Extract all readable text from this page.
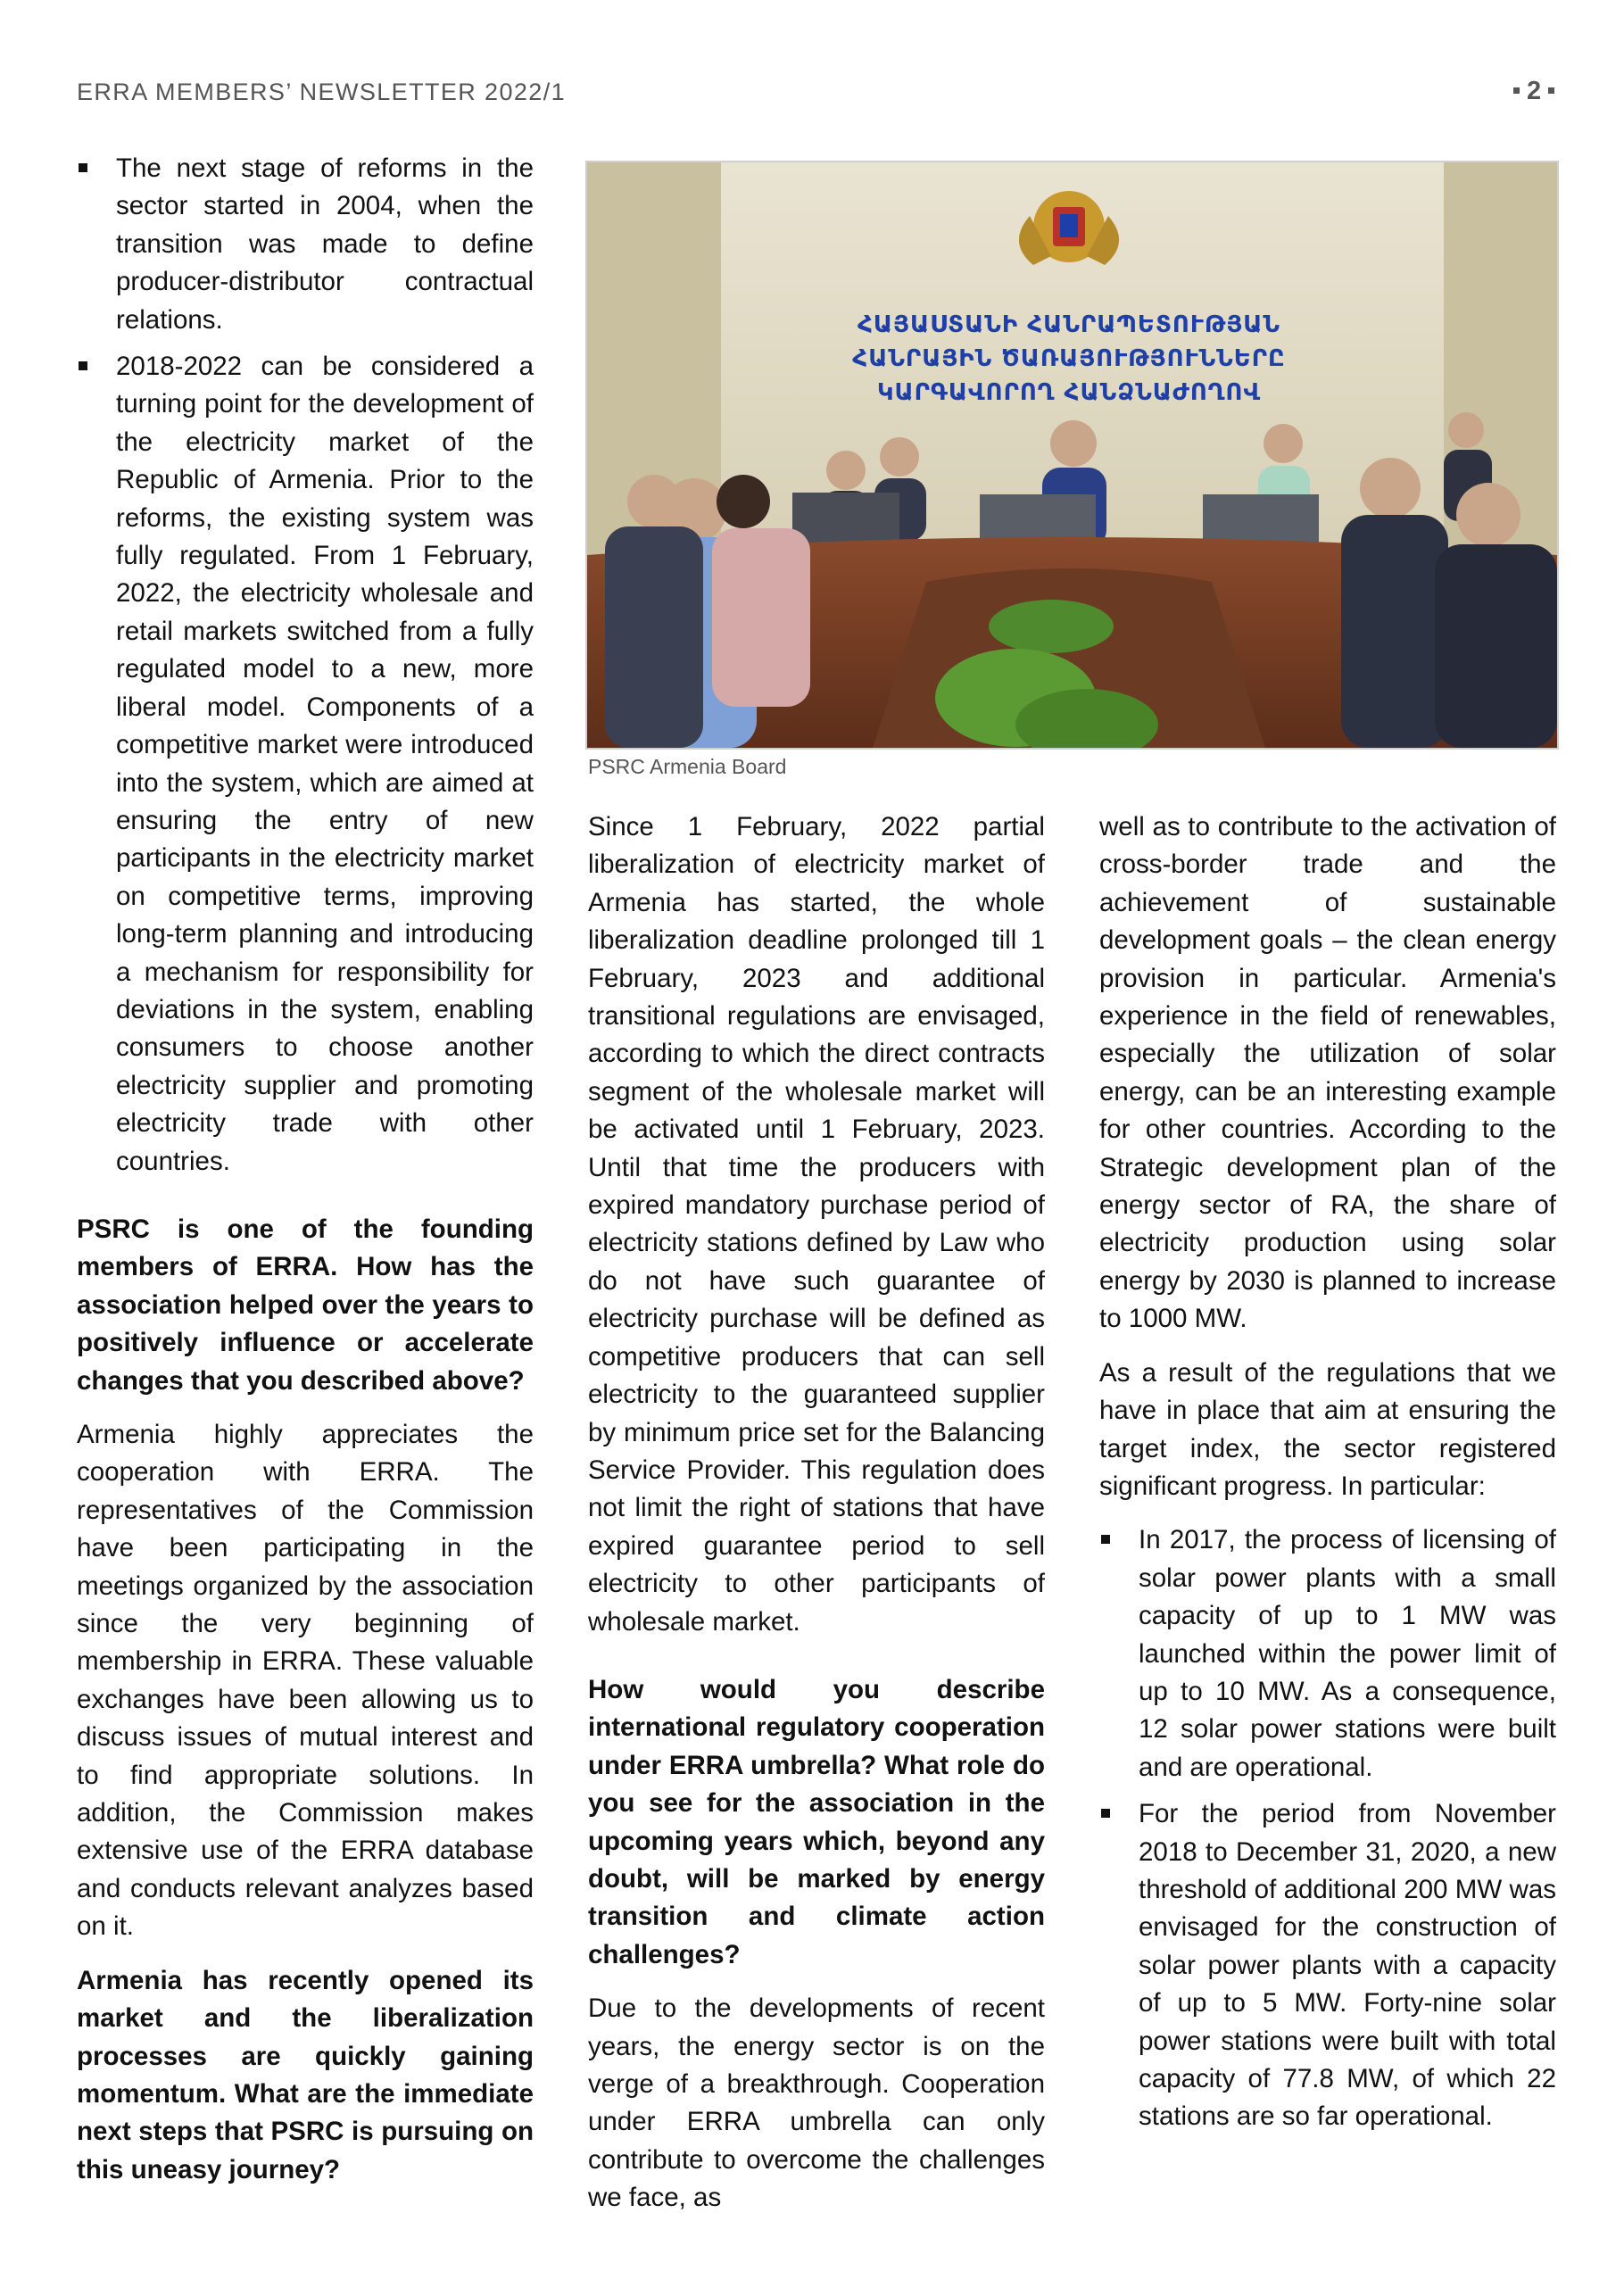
ERRA MEMBERS’ NEWSLETTER 2022/1	2
The next stage of reforms in the sector started in 2004, when the transition was made to define producer-distributor contractual relations.
2018-2022 can be considered a turning point for the development of the electricity market of the Republic of Armenia. Prior to the reforms, the existing system was fully regulated. From 1 February, 2022, the electricity wholesale and retail markets switched from a fully regulated model to a new, more liberal model. Components of a competitive market were introduced into the system, which are aimed at ensuring the entry of new participants in the electricity market on competitive terms, improving long-term planning and introducing a mechanism for responsibility for deviations in the system, enabling consumers to choose another electricity supplier and promoting electricity trade with other countries.

PSRC is one of the founding members of ERRA. How has the association helped over the years to positively influence or accelerate changes that you described above?

Armenia highly appreciates the cooperation with ERRA. The representatives of the Commission have been participating in the meetings organized by the association since the very beginning of membership in ERRA. These valuable exchanges have been allowing us to discuss issues of mutual interest and to find appropriate solutions. In addition, the Commission makes extensive use of the ERRA database and conducts relevant analyzes based on it.

Armenia has recently opened its market and the liberalization processes are quickly gaining momentum. What are the immediate next steps that PSRC is pursuing on this uneasy journey?

ՀԱՅԱՍՏԱՆԻ ՀԱՆՐԱՊԵՏՈՒԹՅԱՆ
ՀԱՆՐԱՅԻՆ ԾԱՌԱՅՈՒԹՅՈՒՆՆԵՐԸ
ԿԱՐԳԱՎՈՐՈՂ ՀԱՆՁՆԱԺՈՂՈՎ
PSRC Armenia Board

Since 1 February, 2022 partial liberalization of electricity market of Armenia has started, the whole liberalization deadline prolonged till 1 February, 2023 and additional transitional regulations are envisaged, according to which the direct contracts segment of the wholesale market will be activated until 1 February, 2023. Until that time the producers with expired mandatory purchase period of electricity stations defined by Law who do not have such guarantee of electricity purchase will be defined as competitive producers that can sell electricity to the guaranteed supplier by minimum price set for the Balancing Service Provider. This regulation does not limit the right of stations that have expired guarantee period to sell electricity to other participants of wholesale market.

How would you describe international regulatory cooperation under ERRA umbrella? What role do you see for the association in the upcoming years which, beyond any doubt, will be marked by energy transition and climate action challenges?

Due to the developments of recent years, the energy sector is on the verge of a breakthrough. Cooperation under ERRA umbrella can only contribute to overcome the challenges we face, as

well as to contribute to the activation of cross-border trade and the achievement of sustainable development goals – the clean energy provision in particular. Armenia's experience in the field of renewables, especially the utilization of solar energy, can be an interesting example for other countries. According to the Strategic development plan of the energy sector of RA, the share of electricity production using solar energy by 2030 is planned to increase to 1000 MW.

As a result of the regulations that we have in place that aim at ensuring the target index, the sector registered significant progress. In particular:

In 2017, the process of licensing of solar power plants with a small capacity of up to 1 MW was launched within the power limit of up to 10 MW. As a consequence, 12 solar power stations were built and are operational.
For the period from November 2018 to December 31, 2020, a new threshold of additional 200 MW was envisaged for the construction of solar power plants with a capacity of up to 5 MW. Forty-nine solar power stations were built with total capacity of 77.8 MW, of which 22 stations are so far operational.
